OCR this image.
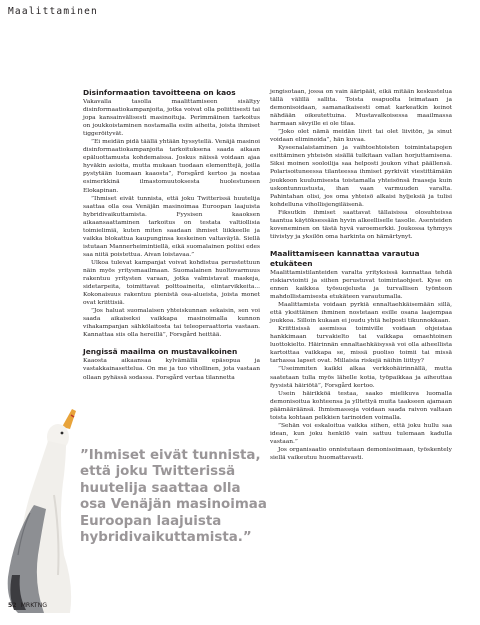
Maalittaminen
Disinformaation tavoitteena on kaos

Vakavalla tasolla maalittamiseen sisältyy disinformaatiokampanjoita, jotka voivat olla poliittisesti tai jopa kansainvälisesti masinoituja. Perimmäinen tarkoitus on joukkoistaminen nostamalla esiin aiheita, joista ihmiset tiggeröityvät.

”Ei meidän pidä täällä yhtään hyssytellä. Venäjä masinoi disinformaatiokampanjoita tarkoituksena saada aikaan epäluottamusta kohdemaissa. Joskus näissä voidaan ajaa hyväkin asioita, mutta mukaan tuodaan elementtejä, joilla pystytään luomaan kaaosta”, Forsgård kertoo ja nostaa esimerkkinä ilmastomuutoksesta huolestuneen Elokapinan.

”Ihmiset eivät tunnista, että joku Twitterissä huutelija saattaa olla osa Venäjän masinoimaa Euroopan laajuista hybridivaikuttamista. Fyysisen kaaoksen aikaansaattaminen tarkoitus on testata valtiollisia toimielimiä, kuten miten saadaan ihmiset liikkeelle ja vaikka blokattua kaupunginsa keskeinen valtaväylä. Siellä istutaan Mannerheimintiellä, eikä suomalainen poliisi edes saa niitä poistettua. Aivan loistavaa.”

Ulkoa tulevat kampanjat voivat kohdistua perustettuun näin myös yritysmaailmaan. Suomalainen huoltovarmuus rakentuu yritysten varaan, jotka valmistavat maskeja, sidetarpeita, toimittavat polttoaineita, elintarvikkeita... Kokonaisuus rakentuu pienistä osa-alueista, joista monet ovat kriittisiä.

”Jos haluat suomalaisen yhteiskunnan sekaisin, sen voi saada aikaiseksi vaikkapa masinoimalla kunnon vihakampanjan sähkölaitosta tai teleoperaattoria vastaan. Kannattaa siis olla hereillä”, Forsgård heittää.

Jengissä maailma on mustavalkoinen

Kaaosta aikaansaa kylvämällä epäsopua ja vastakkainasettelua. On me ja tuo vihollinen, jota vastaan ollaan pyhässä sodassa. Forsgård vertaa tilannetta

jengisotaan, jossa on vain ääripäät, eikä mitään keskustelua tällä välillä sallita. Toista osapuolta leimataan ja demonisoidaan, samanaikaisesti omat karkeatkin keinot nähdään oikeutettuina. Mustavalkoisessa maailmassa harmaan sävyille ei ole tilaa.

”Joko olet nämä meidän liivit tai olet liivitön, ja sinut voidaan eliminoida”, hän kuvaa.

Kyseenalaistaminen ja vaihtoehtoisten toimintatapojen esittäminen yhteisön sisällä tulkitaan vallan horjuttamisena. Siksi moinen sooloilija saa helposti joukon vihat päällensä. Polarisoituneessa tilanteessa ihmiset pyrkivät viestittämään joukkoon kuulumisesta toistamalla yhteisönsä fraaseja kuin uskontunnustusta, ihan vaan varmuuden varalta. Pahintahan olisi, jos oma yhteisö alkaisi hyljeksiä ja tulisi kohdelluna vihollisjengiläisenä.

Fiksutkin ihmiset saattavat tällaisissa olosuhteissa taantua käytöksessään hyvin alkeelliselle tasolle. Asenteiden koveneminen on tästä hyvä varoemerkki. Joukossa tyhmyys tiivistyy ja yksilön oma harkinta on hämärtynyt.

Maalittamiseen kannattaa varautua etukäteen

Maalittamistilanteiden varalta yrityksissä kannattaa tehdä riskiarviointi ja siihen perustuvat toimintaohjeet. Kyse on ennen kaikkea työsuojelusta ja turvallisen työnteon mahdollistamisesta etukäteen varautumalla.

Maalittamista voidaan pyrkiä ennaltaehkäisemään sillä, että yksittäinen ihminen nostetaan esille osana laajempaa joukkoa. Silloin kukaan ei joudu yhtä helposti tikunnokkaan.

Kriittisissä asemissa toimiville voidaan ohjeistaa hankkimaan turvakielto tai vaikkapa omaehtoinen luottokielto. Häirinnän ennaltaehkäisyssä voi olla aiheellista kartoittaa vaikkapa se, missä puoliso toimii tai missä tarhassa lapset ovat. Millaisia riskejä näihin liittyy?

”Useimmiten kaikki alkaa verkkohäirinnällä, mutta saatetaan tulla myös lähelle kotia, työpaikkaa ja aiheuttaa fyysistä häiriötä”, Forsgård kertoo.

Usein häirikköä testaa, saako mielikuva luomalla demonisoitua kohteensa ja ylltettyä muita taakseen ajamaan päämääräänsä. Ihmismassoja voidaan saada raivon valtaan toista kohtaan pelkkien tarinoiden voimalla.

”Sehän voi eskaloitua vaikka siihen, että joku hullu saa idean, kun joku henkilö vain sattuu tulemaan kadulla vastaan.”

Jos organisaatio onnistutaan demonisoimaan, työskentely siellä vaikeutuu huomattavasti.

”Ihmiset eivät tunnista,
että joku Twitterissä
huutelija saattaa olla
osa Venäjän masinoimaa
Euroopan laajuista
hybridivaikuttamista.”
52 MRKTNG
